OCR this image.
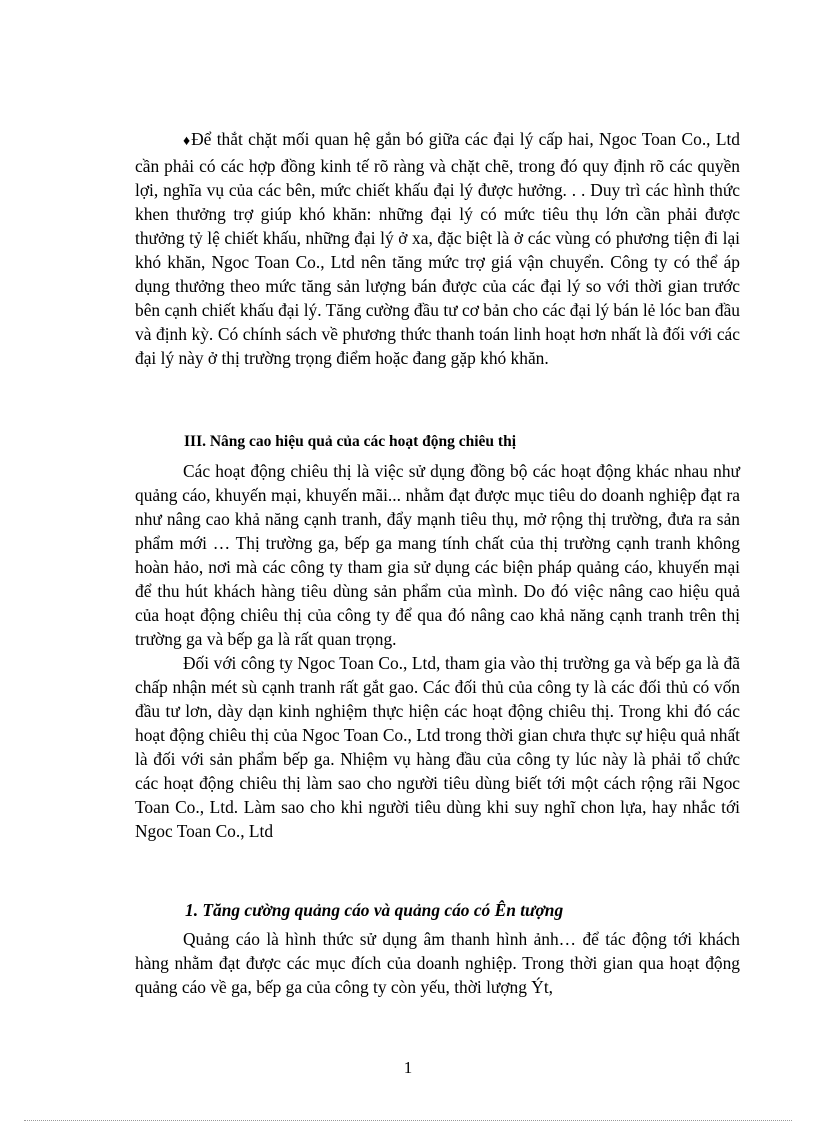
♦Để thắt chặt mối quan hệ gắn bó giữa các đại lý cấp hai, Ngoc Toan Co., Ltd cần phải có các hợp đồng kinh tế rõ ràng và chặt chẽ, trong đó quy định rõ các quyền lợi, nghĩa vụ của các bên, mức chiết khấu đại lý được hưởng. . . Duy trì các hình thức khen thưởng trợ giúp khó khăn: những đại lý có mức tiêu thụ lớn cần phải được thưởng tỷ lệ chiết khấu, những đại lý ở xa, đặc biệt là ở các vùng có phương tiện đi lại khó khăn, Ngoc Toan Co., Ltd nên tăng mức trợ giá vận chuyển. Công ty có thể áp dụng thưởng theo mức tăng sản lượng bán được của các đại lý so với thời gian trước bên cạnh chiết khấu đại lý. Tăng cường đầu tư cơ bản cho các đại lý bán lẻ lóc ban đầu và định kỳ. Có chính sách về phương thức thanh toán linh hoạt hơn nhất là đối với các đại lý này ở thị trường trọng điểm hoặc đang gặp khó khăn.

III. Nâng cao hiệu quả của các hoạt động chiêu thị

Các hoạt động chiêu thị là việc sử dụng đồng bộ các hoạt động khác nhau như quảng cáo, khuyến mại, khuyến mãi... nhằm đạt được mục tiêu do doanh nghiệp đạt ra như nâng cao khả năng cạnh tranh, đẩy mạnh tiêu thụ, mở rộng thị trường, đưa ra sản phẩm mới … Thị trường ga, bếp ga mang tính chất của thị trường cạnh tranh không hoàn hảo, nơi mà các công ty tham gia sử dụng các biện pháp quảng cáo, khuyến mại để thu hút khách hàng tiêu dùng sản phẩm của mình. Do đó việc nâng cao hiệu quả của hoạt động chiêu thị của công ty để qua đó nâng cao khả năng cạnh tranh trên thị trường ga và bếp ga là rất quan trọng.

Đối với công ty Ngoc Toan Co., Ltd, tham gia vào thị trường ga và bếp ga là đã chấp nhận mét sù cạnh tranh rất gắt gao. Các đối thủ của công ty là các đối thủ có vốn đầu tư lơn, dày dạn kinh nghiệm thực hiện các hoạt động chiêu thị. Trong khi đó các hoạt động chiêu thị của Ngoc Toan Co., Ltd trong thời gian chưa thực sự hiệu quả nhất là đối với sản phẩm bếp ga. Nhiệm vụ hàng đầu của công ty lúc này là phải tổ chức các hoạt động chiêu thị làm sao cho người tiêu dùng biết tới một cách rộng rãi Ngoc Toan Co., Ltd. Làm sao cho khi người tiêu dùng khi suy nghĩ chon lựa, hay nhắc tới Ngoc Toan Co., Ltd

1. Tăng cường quảng cáo và quảng cáo có Ên tượng

Quảng cáo là hình thức sử dụng âm thanh hình ảnh… để tác động tới khách hàng nhằm đạt được các mục đích của doanh nghiệp. Trong thời gian qua hoạt động quảng cáo về ga, bếp ga của công ty còn yếu, thời lượng Ýt,

1
